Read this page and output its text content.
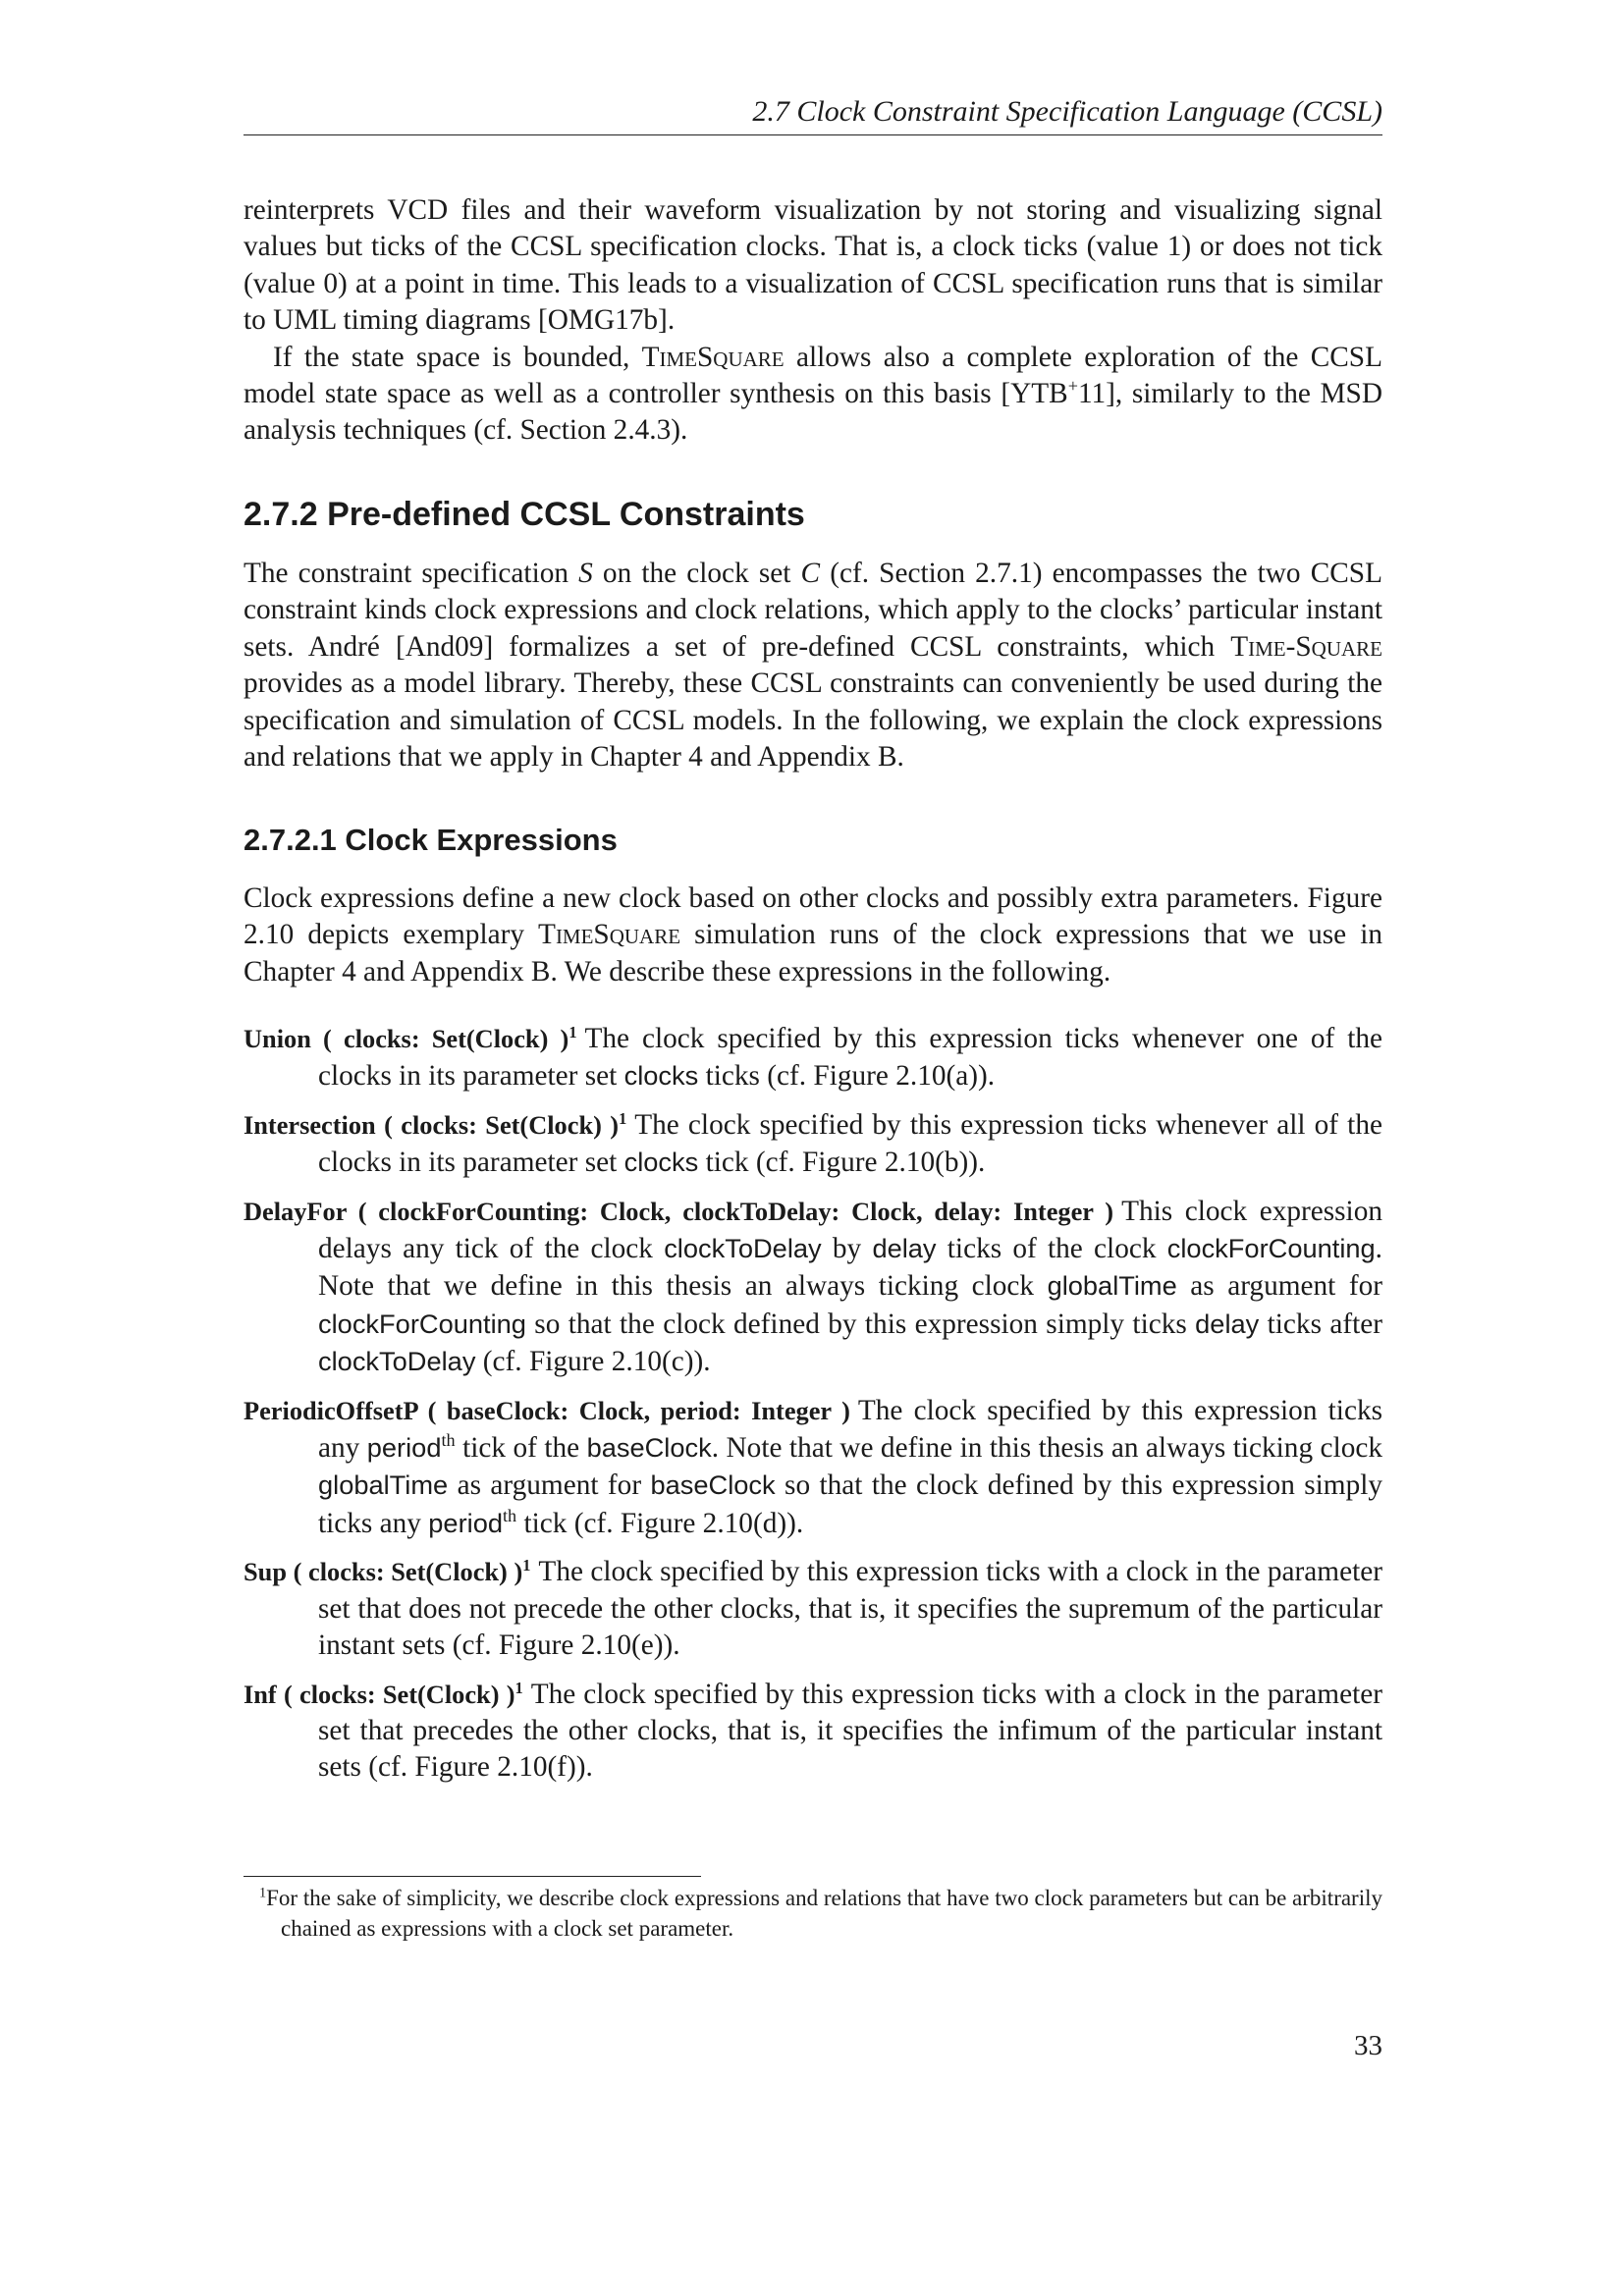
2.7 Clock Constraint Specification Language (CCSL)

reinterprets VCD files and their waveform visualization by not storing and visualizing signal values but ticks of the CCSL specification clocks. That is, a clock ticks (value 1) or does not tick (value 0) at a point in time. This leads to a visualization of CCSL specification runs that is similar to UML timing diagrams [OMG17b].

If the state space is bounded, TimeSquare allows also a complete exploration of the CCSL model state space as well as a controller synthesis on this basis [YTB+11], similarly to the MSD analysis techniques (cf. Section 2.4.3).

2.7.2 Pre-defined CCSL Constraints

The constraint specification S on the clock set C (cf. Section 2.7.1) encompasses the two CCSL constraint kinds clock expressions and clock relations, which apply to the clocks’ particular instant sets. André [And09] formalizes a set of pre-defined CCSL constraints, which Time-Square provides as a model library. Thereby, these CCSL constraints can conveniently be used during the specification and simulation of CCSL models. In the following, we explain the clock expressions and relations that we apply in Chapter 4 and Appendix B.

2.7.2.1 Clock Expressions

Clock expressions define a new clock based on other clocks and possibly extra parameters. Figure 2.10 depicts exemplary TimeSquare simulation runs of the clock expressions that we use in Chapter 4 and Appendix B. We describe these expressions in the following.

Union ( clocks: Set(Clock) )$^1$ The clock specified by this expression ticks whenever one of the clocks in its parameter set clocks ticks (cf. Figure 2.10(a)).
Intersection ( clocks: Set(Clock) )$^1$ The clock specified by this expression ticks whenever all of the clocks in its parameter set clocks tick (cf. Figure 2.10(b)).
DelayFor ( clockForCounting: Clock, clockToDelay: Clock, delay: Integer ) This clock expression delays any tick of the clock clockToDelay by delay ticks of the clock clockForCounting. Note that we define in this thesis an always ticking clock globalTime as argument for clockForCounting so that the clock defined by this expression simply ticks delay ticks after clockToDelay (cf. Figure 2.10(c)).
PeriodicOffsetP ( baseClock: Clock, period: Integer ) The clock specified by this expression ticks any period$^{th}$ tick of the baseClock. Note that we define in this thesis an always ticking clock globalTime as argument for baseClock so that the clock defined by this expression simply ticks any period$^{th}$ tick (cf. Figure 2.10(d)).
Sup ( clocks: Set(Clock) )$^1$ The clock specified by this expression ticks with a clock in the parameter set that does not precede the other clocks, that is, it specifies the supremum of the particular instant sets (cf. Figure 2.10(e)).
Inf ( clocks: Set(Clock) )$^1$ The clock specified by this expression ticks with a clock in the parameter set that precedes the other clocks, that is, it specifies the infimum of the particular instant sets (cf. Figure 2.10(f)).
$^1$For the sake of simplicity, we describe clock expressions and relations that have two clock parameters but can be arbitrarily chained as expressions with a clock set parameter.
33
